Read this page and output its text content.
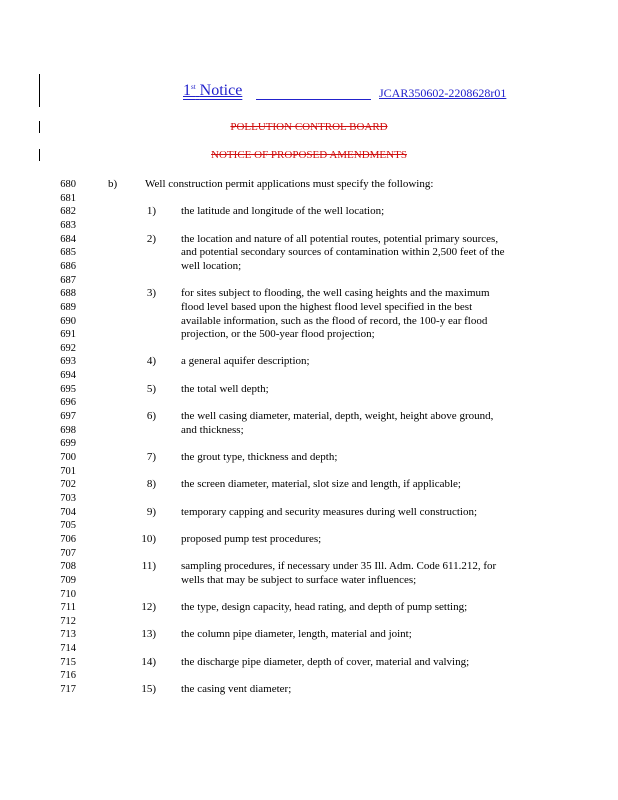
1st Notice	JCAR350602-2208628r01
POLLUTION CONTROL BOARD
NOTICE OF PROPOSED AMENDMENTS
b)	Well construction permit applications must specify the following:
680
681
682
683
684
685
686
687
688
689
690
691
692
693
694
695
696
697
698
699
700
701
702
703
704
705
706
707
708
709
710
711
712
713
714
715
716
717
1) the latitude and longitude of the well location;
2) the location and nature of all potential routes, potential primary sources,
and potential secondary sources of contamination within 2,500 feet of the
well location;
3) for sites subject to flooding, the well casing heights and the maximum
flood level based upon the highest flood level specified in the best
available information, such as the flood of record, the 100-y ear flood
projection, or the 500-year flood projection;
4) a general aquifer description;
5) the total well depth;
6) the well casing diameter, material, depth, weight, height above ground,
and thickness;
7) the grout type, thickness and depth;
8) the screen diameter, material, slot size and length, if applicable;
9) temporary capping and security measures during well construction;
10) proposed pump test procedures;
11) sampling procedures, if necessary under 35 Ill. Adm. Code 611.212, for
wells that may be subject to surface water influences;
12) the type, design capacity, head rating, and depth of pump setting;
13) the column pipe diameter, length, material and joint;
14) the discharge pipe diameter, depth of cover, material and valving;
15) the casing vent diameter;
